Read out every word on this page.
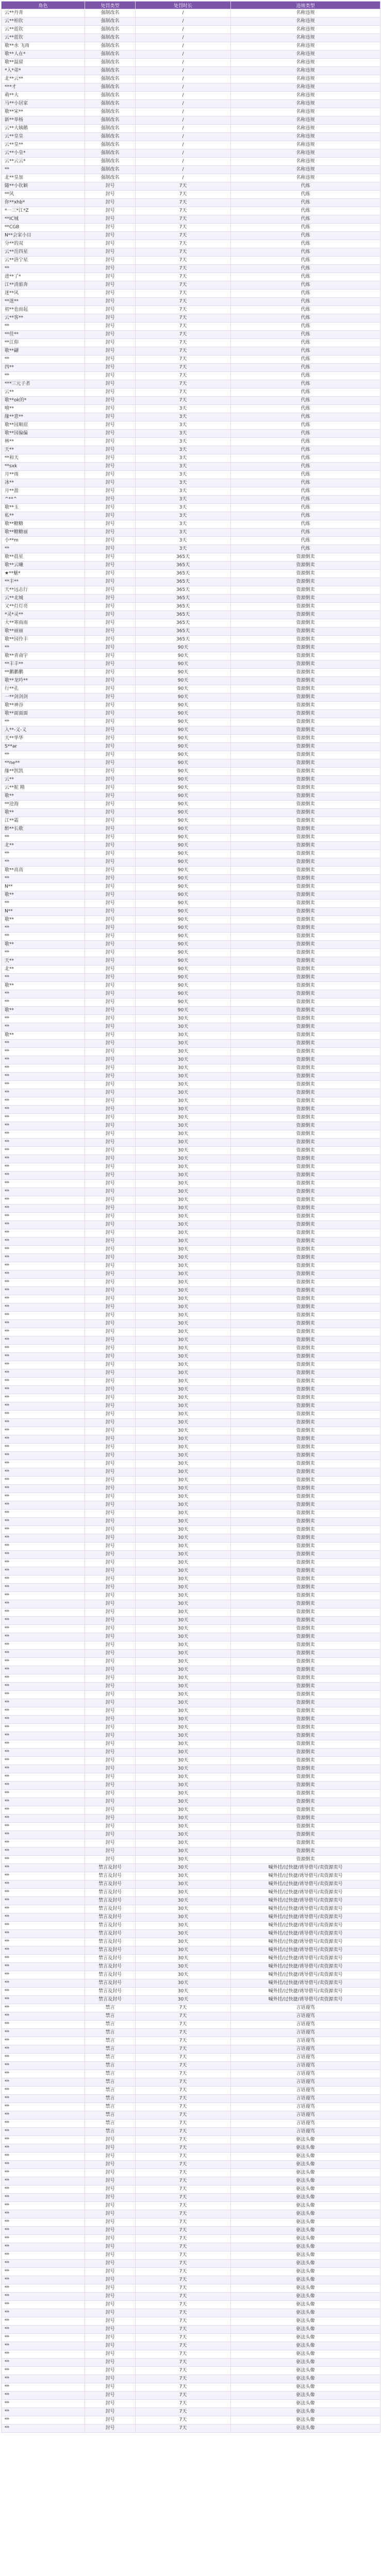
角色	处罚类型	处罚时长	违规类型
云**丹青	强制改名	/	名称违规
云**柏钦	强制改名	/	名称违规
云**蓝钦	强制改名	/	名称违规
云**蓝钦	强制改名	/	名称违规
歌**水 飞雨	强制改名	/	名称违规
歌**人在*	强制改名	/	名称违规
歌**温留	强制改名	/	名称违规
*入*弟*	强制改名	/	名称违规
北**云**	强制改名	/	名称违规
***才	强制改名	/	名称违规
萌**大	强制改名	/	名称违规
马**小居家	强制改名	/	名称违规
歌**宋**	强制改名	/	名称违规
新**举杨	强制改名	/	名称违规
云**大姨鹅	强制改名	/	名称违规
云**皇皇	强制改名	/	名称违规
云**皇**	强制改名	/	名称违规
云**小皇*	强制改名	/	名称违规
云**云云*	强制改名	/	名称违规
**	强制改名	/	名称违规
北**皇加	强制改名	/	名称违规
随**小钦颖	封号	7天	代练
**风	封号	7天	代练
你**xhb*	封号	7天	代练
*一三*江*Z	封号	7天	代练
**IC城	封号	7天	代练
**CGB	封号	7天	代练
N**会家小目	封号	7天	代练
分**的双	封号	7天	代练
云**岳四星	封号	7天	代练
云**洛宁星	封号	7天	代练
**	封号	7天	代练
进**了*	封号	7天	代练
江**清旅奔	封号	7天	代练
迷**风	封号	7天	代练
**迷**	封号	7天	代练
初**也而起	封号	7天	代练
云**客**	封号	7天	代练
**	封号	7天	代练
**佳**	封号	7天	代练
**江仰	封号	7天	代练
歌**翩	封号	7天	代练
**	封号	7天	代练
四**	封号	7天	代练
**	封号	7天	代练
***三元子者	封号	7天	代练
云**	封号	7天	代练
歌**ok的*	封号	7天	代练
嘻**	封号	3天	代练
缘**意**	封号	3天	代练
歌**园顺眉	封号	3天	代练
歌**园偏偏	封号	3天	代练
林**	封号	3天	代练
天**	封号	3天	代练
**和天	封号	3天	代练
**sxk	封号	3天	代练
月**雨	封号	3天	代练
冰**	封号	3天	代练
月**盈	封号	3天	代练
^**^	封号	3天	代练
歌**玉	封号	3天	代练
私**	封号	3天	代练
歌**糖糖	封号	3天	代练
歌**糖糖丽	封号	3天	代练
小**m	封号	3天	代练
**	封号	3天	代练
歌**晨星	封号	365天	资源倒卖
歌**云曦	封号	365天	资源倒卖
★**魅*	封号	365天	资源倒卖
**丰**	封号	365天	资源倒卖
天**远志行	封号	365天	资源倒卖
云**北城	封号	365天	资源倒卖
又**灯灯亮	封号	365天	资源倒卖
*灵*灵**	封号	365天	资源倒卖
大**寒雨雨	封号	365天	资源倒卖
歌**丽丽	封号	365天	资源倒卖
歌**园伶丰	封号	365天	资源倒卖
**	封号	90天	资源倒卖
歌**青南宇	封号	90天	资源倒卖
**丰丰**	封号	90天	资源倒卖
**鹏鹏鹏	封号	90天	资源倒卖
歌**龙吟**	封号	90天	资源倒卖
行**孔	封号	90天	资源倒卖
一**剑剑剑	封号	90天	资源倒卖
歌**神谷	封号	90天	资源倒卖
歌**面面面	封号	90天	资源倒卖
**	封号	90天	资源倒卖
入**-义-义	封号	90天	资源倒卖
天**华华	封号	90天	资源倒卖
S**ar	封号	90天	资源倒卖
**	封号	90天	资源倒卖
**ne**	封号	90天	资源倒卖
缘**凯凯	封号	90天	资源倒卖
云**	封号	90天	资源倒卖
云**舵 精	封号	90天	资源倒卖
歌**	封号	90天	资源倒卖
**沧海	封号	90天	资源倒卖
歌**	封号	90天	资源倒卖
江**霜	封号	90天	资源倒卖
醉**长歌	封号	90天	资源倒卖
**	封号	90天	资源倒卖
北**	封号	90天	资源倒卖
**	封号	90天	资源倒卖
**	封号	90天	资源倒卖
歌**高高	封号	90天	资源倒卖
**	封号	90天	资源倒卖
N**	封号	90天	资源倒卖
歌**	封号	90天	资源倒卖
**	封号	90天	资源倒卖
N**	封号	90天	资源倒卖
歌**	封号	90天	资源倒卖
**	封号	90天	资源倒卖
**	封号	90天	资源倒卖
歌**	封号	90天	资源倒卖
**	封号	90天	资源倒卖
天**	封号	90天	资源倒卖
北**	封号	90天	资源倒卖
**	封号	90天	资源倒卖
歌**	封号	90天	资源倒卖
**	封号	90天	资源倒卖
**	封号	90天	资源倒卖
歌**	封号	90天	资源倒卖
**	封号	30天	资源倒卖
**	封号	30天	资源倒卖
歌**	封号	30天	资源倒卖
**	封号	30天	资源倒卖
**	封号	30天	资源倒卖
**	封号	30天	资源倒卖
**	封号	30天	资源倒卖
**	封号	30天	资源倒卖
**	封号	30天	资源倒卖
**	封号	30天	资源倒卖
**	封号	30天	资源倒卖
**	封号	30天	资源倒卖
**	封号	30天	资源倒卖
**	封号	30天	资源倒卖
**	封号	30天	资源倒卖
**	封号	30天	资源倒卖
**	封号	30天	资源倒卖
**	封号	30天	资源倒卖
**	封号	30天	资源倒卖
**	封号	30天	资源倒卖
**	封号	30天	资源倒卖
**	封号	30天	资源倒卖
**	封号	30天	资源倒卖
**	封号	30天	资源倒卖
**	封号	30天	资源倒卖
**	封号	30天	资源倒卖
**	封号	30天	资源倒卖
**	封号	30天	资源倒卖
**	封号	30天	资源倒卖
**	封号	30天	资源倒卖
**	封号	30天	资源倒卖
**	封号	30天	资源倒卖
**	封号	30天	资源倒卖
**	封号	30天	资源倒卖
**	封号	30天	资源倒卖
**	封号	30天	资源倒卖
**	封号	30天	资源倒卖
**	封号	30天	资源倒卖
**	封号	30天	资源倒卖
**	封号	30天	资源倒卖
**	封号	30天	资源倒卖
**	封号	30天	资源倒卖
**	封号	30天	资源倒卖
**	封号	30天	资源倒卖
**	封号	30天	资源倒卖
**	封号	30天	资源倒卖
**	封号	30天	资源倒卖
**	封号	30天	资源倒卖
**	封号	30天	资源倒卖
**	封号	30天	资源倒卖
**	封号	30天	资源倒卖
**	封号	30天	资源倒卖
**	封号	30天	资源倒卖
**	封号	30天	资源倒卖
**	封号	30天	资源倒卖
**	封号	30天	资源倒卖
**	封号	30天	资源倒卖
**	封号	30天	资源倒卖
**	封号	30天	资源倒卖
**	封号	30天	资源倒卖
**	封号	30天	资源倒卖
**	封号	30天	资源倒卖
**	封号	30天	资源倒卖
**	封号	30天	资源倒卖
**	封号	30天	资源倒卖
**	封号	30天	资源倒卖
**	封号	30天	资源倒卖
**	封号	30天	资源倒卖
**	封号	30天	资源倒卖
**	封号	30天	资源倒卖
**	封号	30天	资源倒卖
**	封号	30天	资源倒卖
**	封号	30天	资源倒卖
**	封号	30天	资源倒卖
**	封号	30天	资源倒卖
**	封号	30天	资源倒卖
**	封号	30天	资源倒卖
**	封号	30天	资源倒卖
**	封号	30天	资源倒卖
**	封号	30天	资源倒卖
**	封号	30天	资源倒卖
**	封号	30天	资源倒卖
**	封号	30天	资源倒卖
**	封号	30天	资源倒卖
**	封号	30天	资源倒卖
**	封号	30天	资源倒卖
**	封号	30天	资源倒卖
**	封号	30天	资源倒卖
**	封号	30天	资源倒卖
**	封号	30天	资源倒卖
**	封号	30天	资源倒卖
**	封号	30天	资源倒卖
**	封号	30天	资源倒卖
**	封号	30天	资源倒卖
**	封号	30天	资源倒卖
**	封号	30天	资源倒卖
**	封号	30天	资源倒卖
**	封号	30天	资源倒卖
**	封号	30天	资源倒卖
**	封号	30天	资源倒卖
**	封号	30天	资源倒卖
**	封号	30天	资源倒卖
**	封号	30天	资源倒卖
**	禁言及封号	30天	喊外挂/过快捷/诱导借号/卖资源卖号
**	禁言及封号	30天	喊外挂/过快捷/诱导借号/卖资源卖号
**	禁言及封号	30天	喊外挂/过快捷/诱导借号/卖资源卖号
**	禁言及封号	30天	喊外挂/过快捷/诱导借号/卖资源卖号
**	禁言及封号	30天	喊外挂/过快捷/诱导借号/卖资源卖号
**	禁言及封号	30天	喊外挂/过快捷/诱导借号/卖资源卖号
**	禁言及封号	30天	喊外挂/过快捷/诱导借号/卖资源卖号
**	禁言及封号	30天	喊外挂/过快捷/诱导借号/卖资源卖号
**	禁言及封号	30天	喊外挂/过快捷/诱导借号/卖资源卖号
**	禁言及封号	30天	喊外挂/过快捷/诱导借号/卖资源卖号
**	禁言及封号	30天	喊外挂/过快捷/诱导借号/卖资源卖号
**	禁言及封号	30天	喊外挂/过快捷/诱导借号/卖资源卖号
**	禁言及封号	30天	喊外挂/过快捷/诱导借号/卖资源卖号
**	禁言及封号	30天	喊外挂/过快捷/诱导借号/卖资源卖号
**	禁言及封号	30天	喊外挂/过快捷/诱导借号/卖资源卖号
**	禁言及封号	30天	喊外挂/过快捷/诱导借号/卖资源卖号
**	禁言及封号	30天	喊外挂/过快捷/诱导借号/卖资源卖号
**	禁言	7天	言语谩骂
**	禁言	7天	言语谩骂
**	禁言	7天	言语谩骂
**	禁言	7天	言语谩骂
**	禁言	7天	言语谩骂
**	禁言	7天	言语谩骂
**	禁言	7天	言语谩骂
**	禁言	7天	言语谩骂
**	禁言	7天	言语谩骂
**	禁言	7天	言语谩骂
**	禁言	7天	言语谩骂
**	禁言	7天	言语谩骂
**	禁言	7天	言语谩骂
**	禁言	7天	言语谩骂
**	禁言	7天	言语谩骂
**	禁言	7天	言语谩骂
**	封号	7天	驱法头像
**	封号	7天	驱法头像
**	封号	7天	驱法头像
**	封号	7天	驱法头像
**	封号	7天	驱法头像
**	封号	7天	驱法头像
**	封号	7天	驱法头像
**	封号	7天	驱法头像
**	封号	7天	驱法头像
**	封号	7天	驱法头像
**	封号	7天	驱法头像
**	封号	7天	驱法头像
**	封号	7天	驱法头像
**	封号	7天	驱法头像
**	封号	7天	驱法头像
**	封号	7天	驱法头像
**	封号	7天	驱法头像
**	封号	7天	驱法头像
**	封号	7天	驱法头像
**	封号	7天	驱法头像
**	封号	7天	驱法头像
**	封号	7天	驱法头像
**	封号	7天	驱法头像
**	封号	7天	驱法头像
**	封号	7天	驱法头像
**	封号	7天	驱法头像
**	封号	7天	驱法头像
**	封号	7天	驱法头像
**	封号	7天	驱法头像
**	封号	7天	驱法头像
**	封号	7天	驱法头像
**	封号	7天	驱法头像
**	封号	7天	驱法头像
**	封号	7天	驱法头像
**	封号	7天	驱法头像
**	封号	7天	驱法头像
